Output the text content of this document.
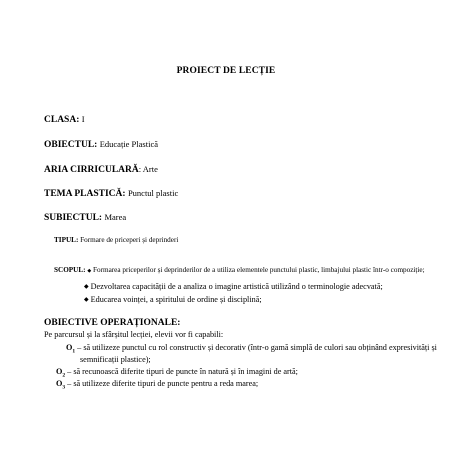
PROIECT DE LECȚIE
CLASA: I
OBIECTUL: Educație Plastică
ARIA CIRRICULARĂ: Arte
TEMA PLASTICĂ: Punctul plastic
SUBIECTUL: Marea
TIPUL: Formare de priceperi și deprinderi
SCOPUL: ◆ Formarea priceperilor și deprinderilor de a utiliza elementele punctului plastic, limbajului plastic într-o compoziție;
◆ Dezvoltarea capacității de a analiza o imagine artistică utilizând o terminologie adecvată;
◆ Educarea voinței, a spiritului de ordine și disciplină;
OBIECTIVE OPERAȚIONALE:
Pe parcursul și la sfârșitul lecției, elevii vor fi capabili:
$O_1$ – să utilizeze punctul cu rol constructiv și decorativ (într-o gamă simplă de culori sau obținând expresivități și
semnificații plastice);
$O_2$ – să recunoască diferite tipuri de puncte în natură și în imagini de artă;
$O_3$ – să utilizeze diferite tipuri de puncte pentru a reda marea;
